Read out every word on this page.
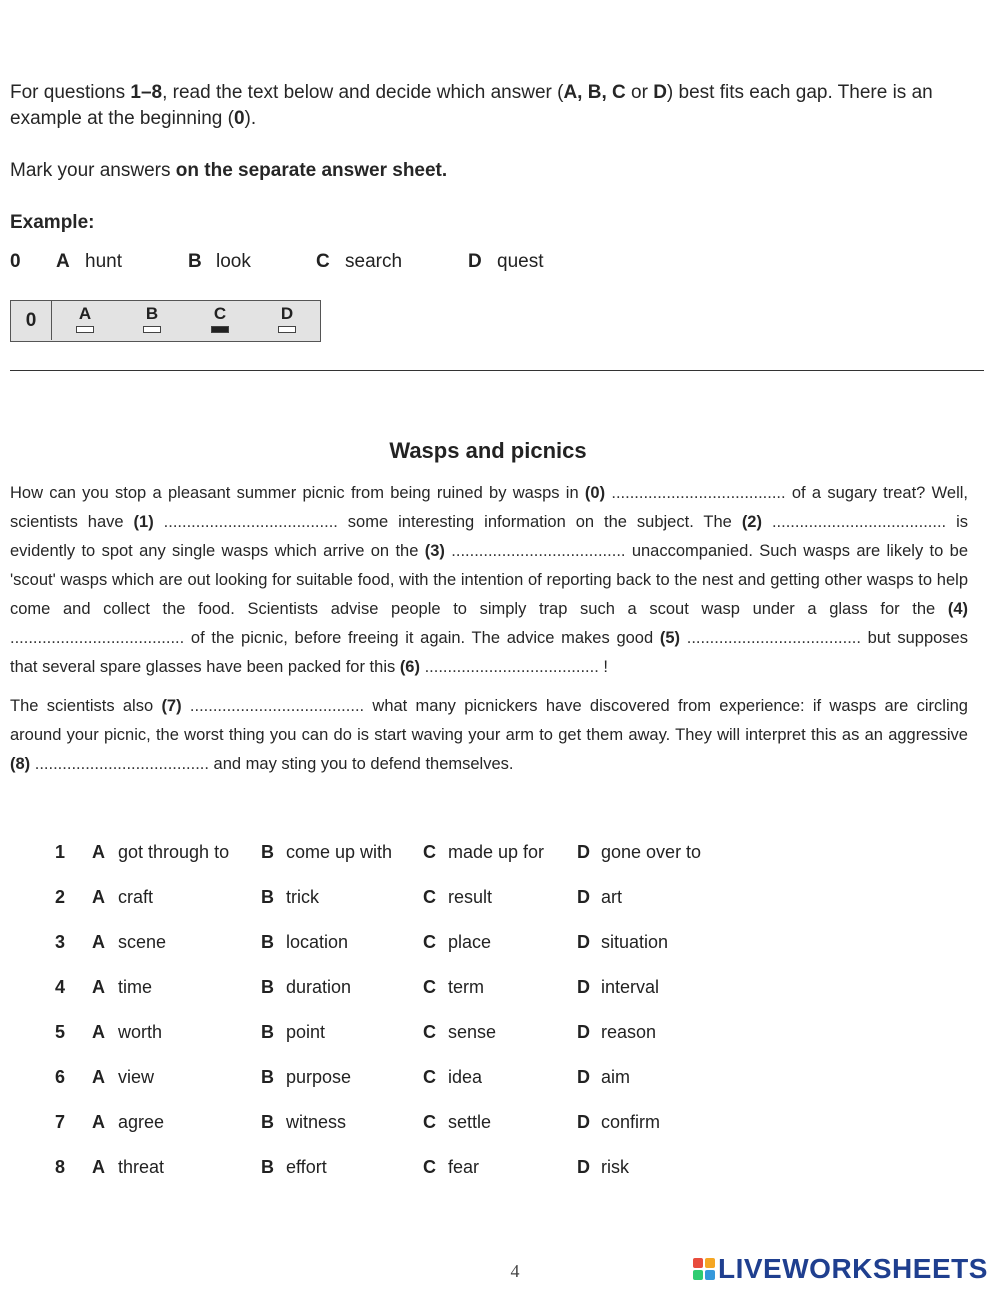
For questions 1–8, read the text below and decide which answer (A, B, C or D) best fits each gap. There is an example at the beginning (0).
Mark your answers on the separate answer sheet.
Example:
0 A hunt	B look	C search	D quest
0	A	B	C	D
Wasps and picnics
How can you stop a pleasant summer picnic from being ruined by wasps in (0) ...................................... of a sugary treat? Well, scientists have (1) ...................................... some interesting information on the subject. The (2) ...................................... is evidently to spot any single wasps which arrive on the (3) ...................................... unaccompanied. Such wasps are likely to be 'scout' wasps which are out looking for suitable food, with the intention of reporting back to the nest and getting other wasps to help come and collect the food. Scientists advise people to simply trap such a scout wasp under a glass for the (4) ...................................... of the picnic, before freeing it again. The advice makes good (5) ...................................... but supposes that several spare glasses have been packed for this (6) ...................................... !
The scientists also (7) ...................................... what many picnickers have discovered from experience: if wasps are circling around your picnic, the worst thing you can do is start waving your arm to get them away. They will interpret this as an aggressive (8) ...................................... and may sting you to defend themselves.
1 A got through to B come up with C made up for D gone over to
2 A craft	B trick	C result	D art
3 A scene	B location	C place	D situation
4 A time	B duration	C term	D interval
5 A worth	B point	C sense	D reason
6 A view	B purpose	C idea	D aim
7 A agree	B witness	C settle	D confirm
8 A threat	B effort	C fear	D risk
4	LIVEWORKSHEETS
